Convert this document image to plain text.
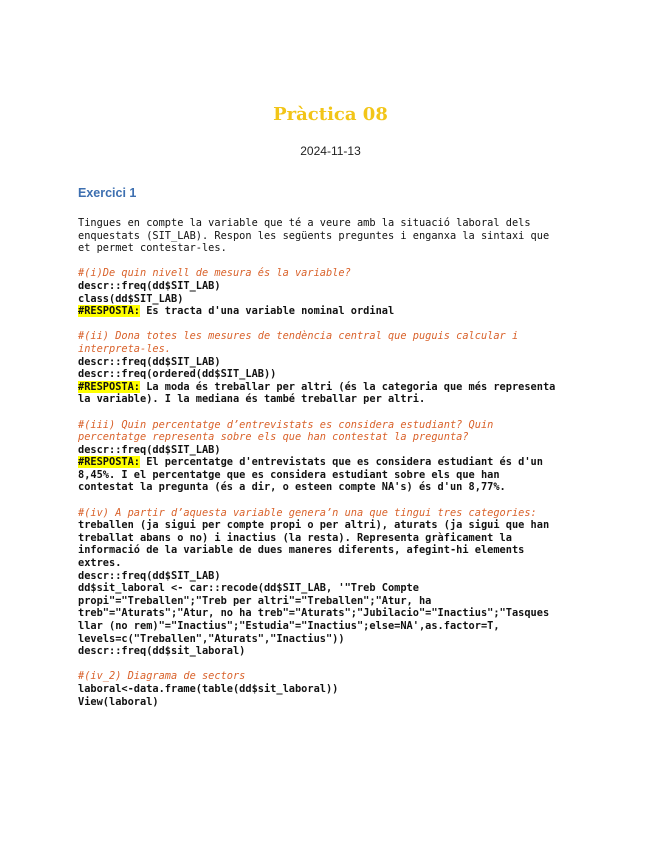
Pràctica 08
2024-11-13
Exercici 1
Tingues en compte la variable que té a veure amb la situació laboral dels
enquestats (SIT_LAB). Respon les següents preguntes i enganxa la sintaxi que
et permet contestar-les.
#(i)De quin nivell de mesura és la variable?
descr::freq(dd$SIT_LAB)
class(dd$SIT_LAB)
#RESPOSTA: Es tracta d'una variable nominal ordinal
#(ii) Dona totes les mesures de tendència central que puguis calcular i
interpreta-les.
descr::freq(dd$SIT_LAB)
descr::freq(ordered(dd$SIT_LAB))
#RESPOSTA: La moda és treballar per altri (és la categoria que més representa
la variable). I la mediana és també treballar per altri.
#(iii) Quin percentatge d’entrevistats es considera estudiant? Quin
percentatge representa sobre els que han contestat la pregunta?
descr::freq(dd$SIT_LAB)
#RESPOSTA: El percentatge d'entrevistats que es considera estudiant és d'un
8,45%. I el percentatge que es considera estudiant sobre els que han
contestat la pregunta (és a dir, o esteen compte NA's) és d'un 8,77%.
#(iv) A partir d’aquesta variable genera’n una que tingui tres categories:
treballen (ja sigui per compte propi o per altri), aturats (ja sigui que han
treballat abans o no) i inactius (la resta). Representa gràficament la
informació de la variable de dues maneres diferents, afegint-hi elements
extres.
descr::freq(dd$SIT_LAB)
dd$sit_laboral <- car::recode(dd$SIT_LAB, '"Treb Compte
propi"="Treballen";"Treb per altri"="Treballen";"Atur, ha
treb"="Aturats";"Atur, no ha treb"="Aturats";"Jubilacio"="Inactius";"Tasques
llar (no rem)"="Inactius";"Estudia"="Inactius";else=NA',as.factor=T,
levels=c("Treballen","Aturats","Inactius"))
descr::freq(dd$sit_laboral)
#(iv_2) Diagrama de sectors
laboral<-data.frame(table(dd$sit_laboral))
View(laboral)
